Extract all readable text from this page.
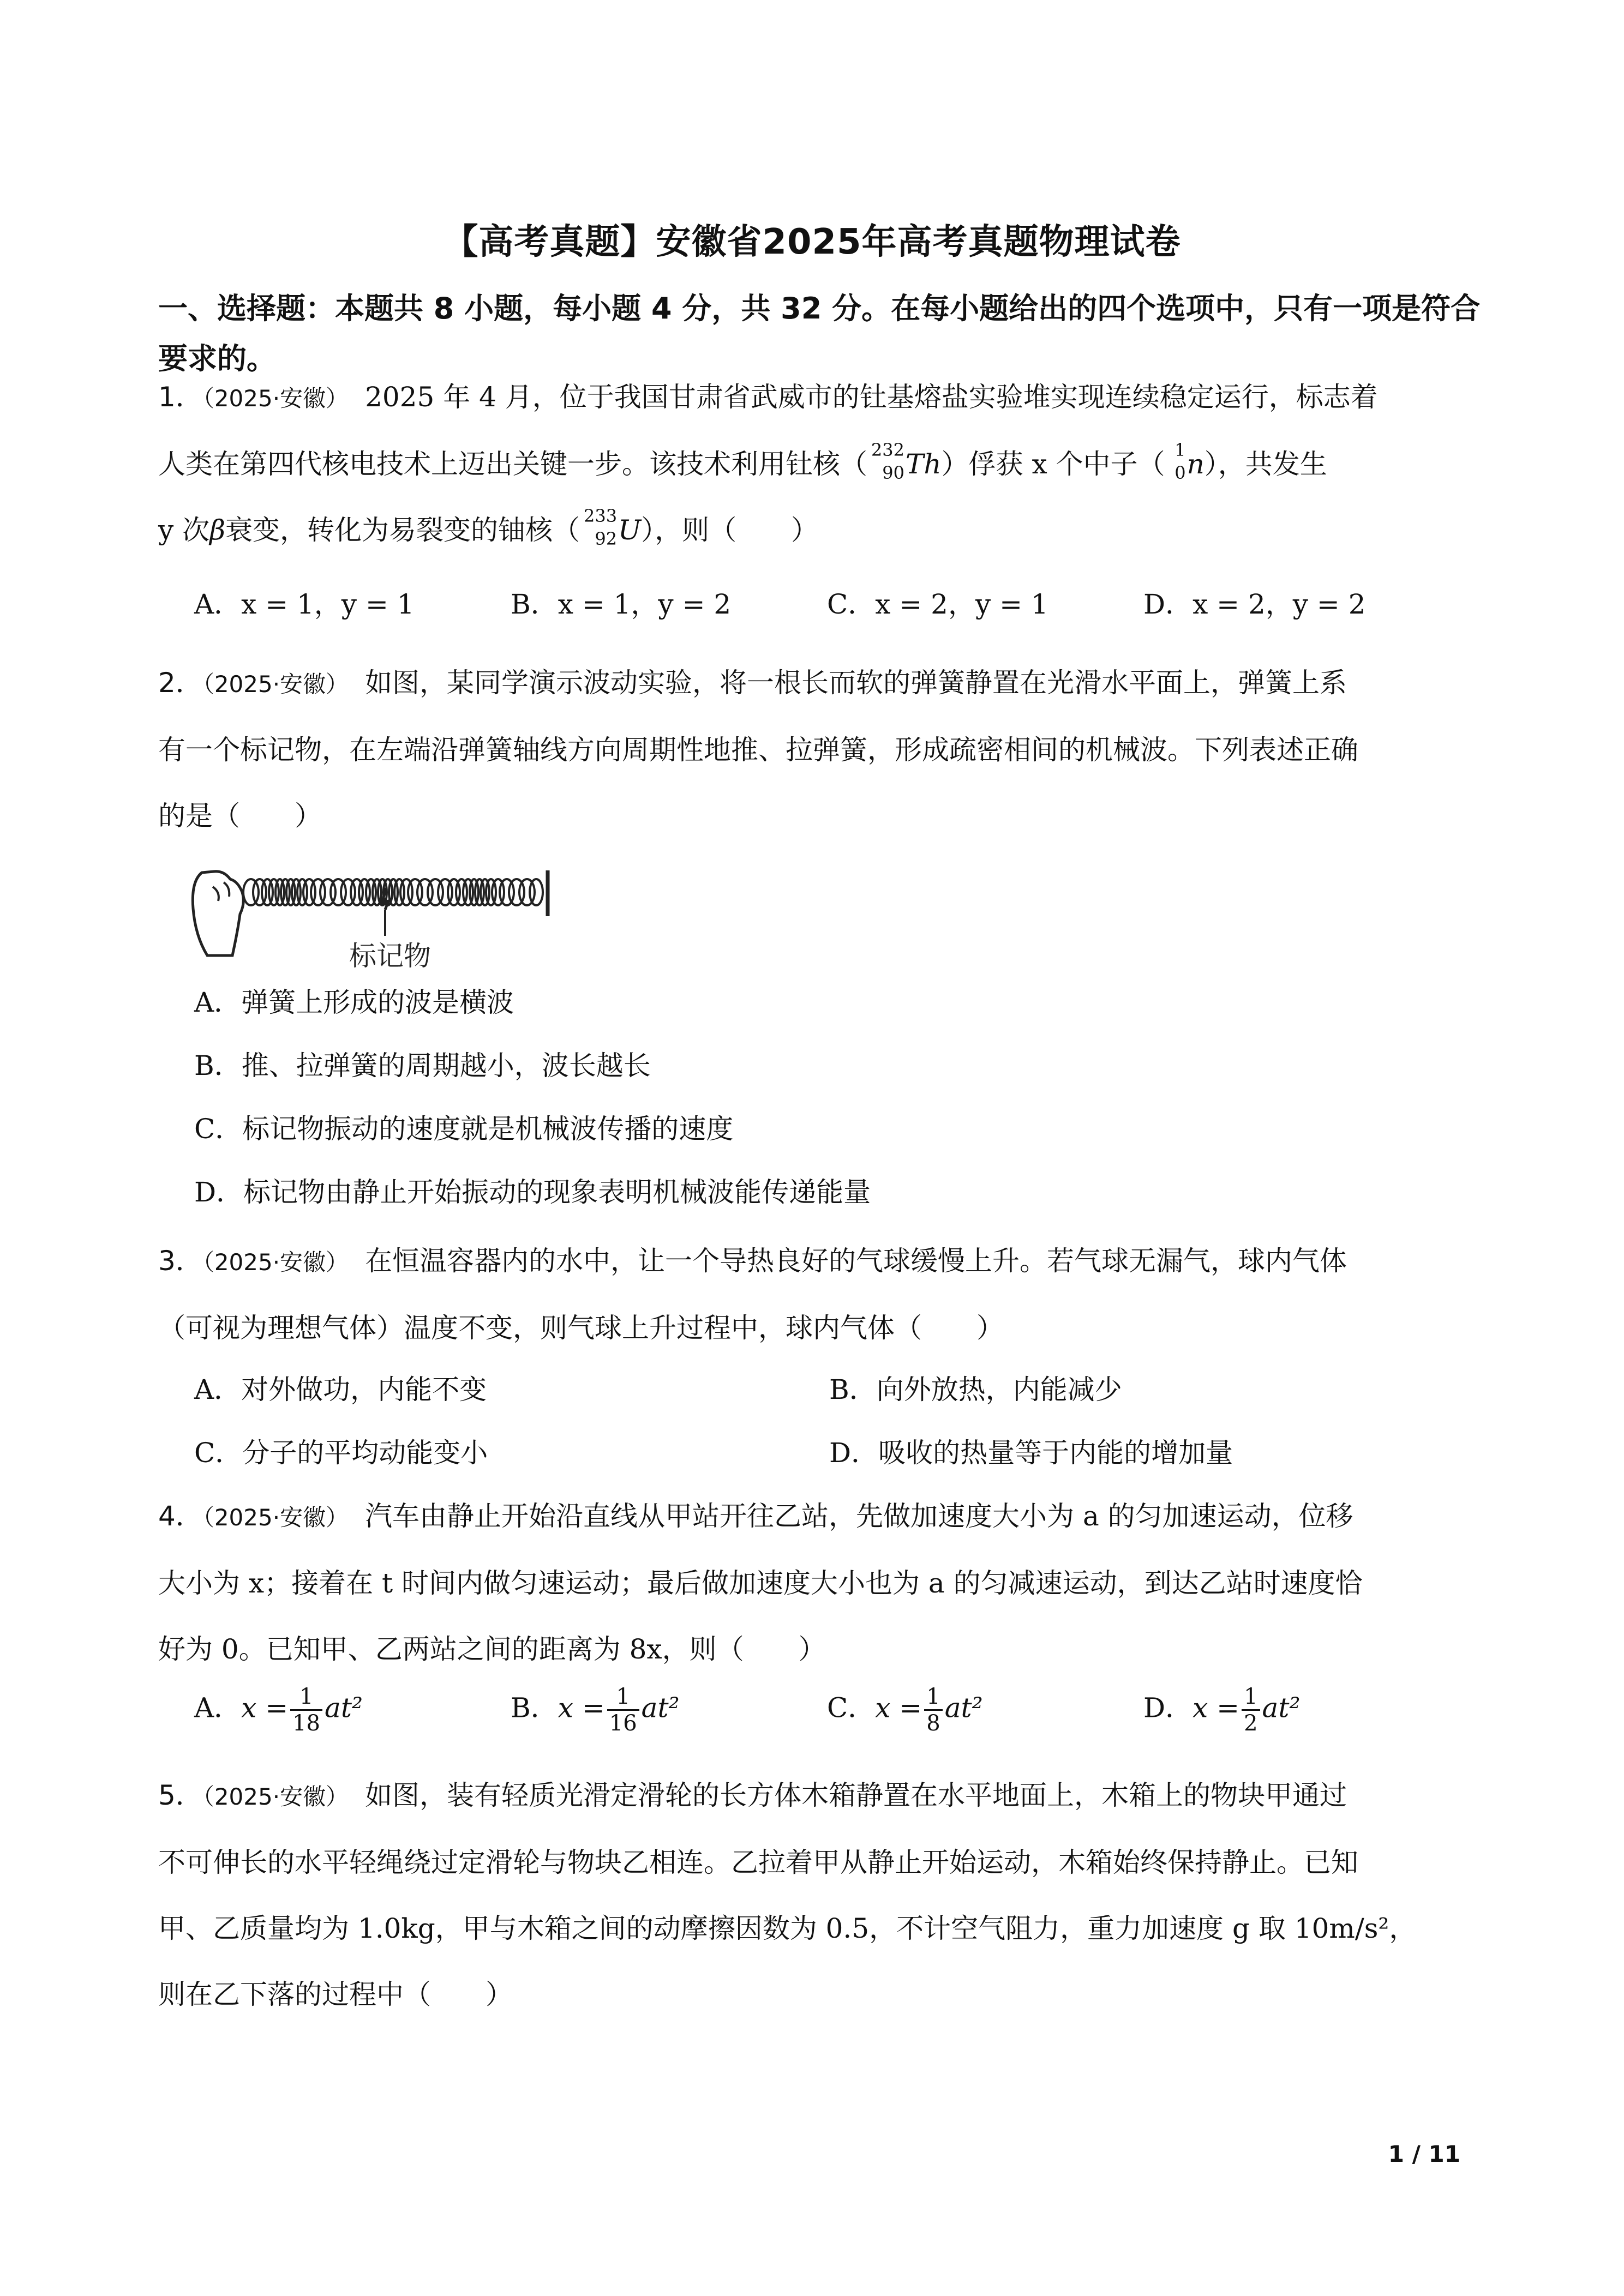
【高考真题】安徽省2025年高考真题物理试卷
一、选择题：本题共 8 小题，每小题 4 分，共 32 分。在每小题给出的四个选项中，只有一项是符合要求的。
1．（2025·安徽） 2025 年 4 月，位于我国甘肃省武威市的钍基熔盐实验堆实现连续稳定运行，标志着
人类在第四代核电技术上迈出关键一步。该技术利用钍核（ 232
90 Th）俘获 x 个中子（ 1
0 n），共发生
y 次β衰变，转化为易裂变的铀核（ 233
92 U），则（　　）
A．x = 1，y = 1	B．x = 1，y = 2	C．x = 2，y = 1	D．x = 2，y = 2
2．（2025·安徽） 如图，某同学演示波动实验，将一根长而软的弹簧静置在光滑水平面上，弹簧上系
有一个标记物，在左端沿弹簧轴线方向周期性地推、拉弹簧，形成疏密相间的机械波。下列表述正确
的是（　　）
标记物
A．弹簧上形成的波是横波
B．推、拉弹簧的周期越小，波长越长
C．标记物振动的速度就是机械波传播的速度
D．标记物由静止开始振动的现象表明机械波能传递能量
3．（2025·安徽） 在恒温容器内的水中，让一个导热良好的气球缓慢上升。若气球无漏气，球内气体
（可视为理想气体）温度不变，则气球上升过程中，球内气体（　　）
A．对外做功，内能不变	B．向外放热，内能减少
C．分子的平均动能变小	D．吸收的热量等于内能的增加量
4．（2025·安徽） 汽车由静止开始沿直线从甲站开往乙站，先做加速度大小为 a 的匀加速运动，位移
大小为 x；接着在 t 时间内做匀速运动；最后做加速度大小也为 a 的匀减速运动，到达乙站时速度恰
好为 0。已知甲、乙两站之间的距离为 8x，则（　　）
A．$x = \frac{1}{18} at^2$	B．$x = \frac{1}{16} at^2$	C．$x = \frac{1}{8} at^2$	D．$x = \frac{1}{2} at^2$
5．（2025·安徽） 如图，装有轻质光滑定滑轮的长方体木箱静置在水平地面上，木箱上的物块甲通过
不可伸长的水平轻绳绕过定滑轮与物块乙相连。乙拉着甲从静止开始运动，木箱始终保持静止。已知
甲、乙质量均为 1.0kg，甲与木箱之间的动摩擦因数为 0.5，不计空气阻力，重力加速度 g 取 10m/s²，
则在乙下落的过程中（　　）
1 / 11
